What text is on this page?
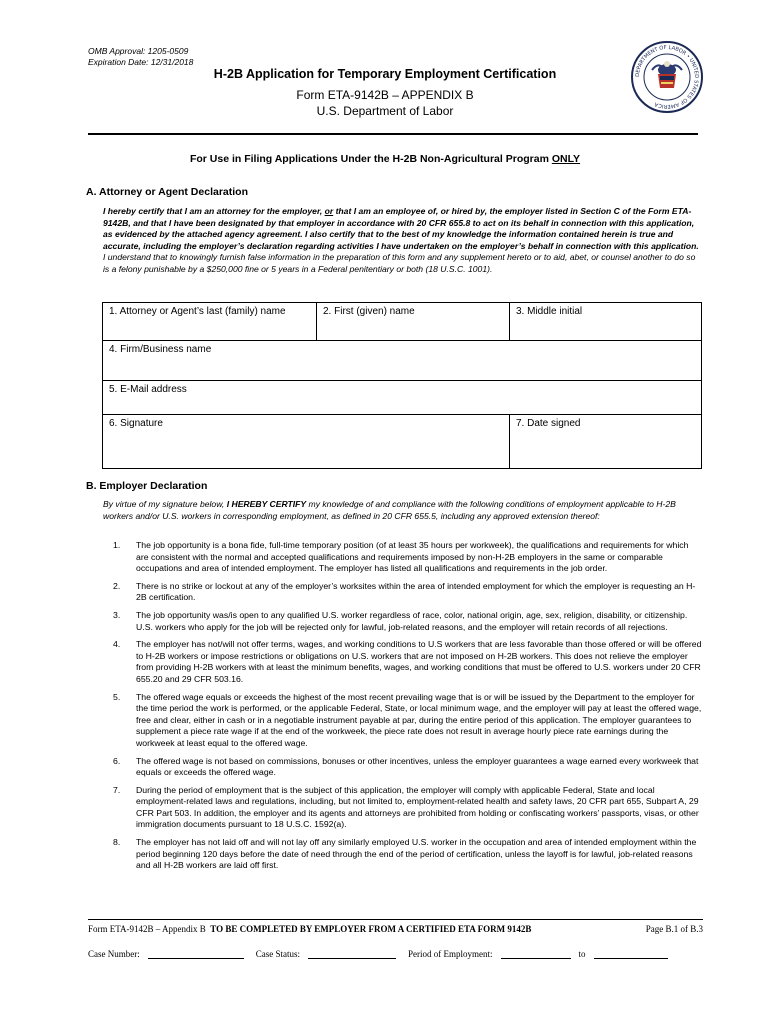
OMB Approval: 1205-0509
Expiration Date: 12/31/2018
H-2B Application for Temporary Employment Certification
Form ETA-9142B – APPENDIX B
U.S. Department of Labor
DEPARTMENT OF LABOR • UNITED STATES OF AMERICA
For Use in Filing Applications Under the H-2B Non-Agricultural Program ONLY
A. Attorney or Agent Declaration
I hereby certify that I am an attorney for the employer, or that I am an employee of, or hired by, the employer listed in Section C of the Form ETA-9142B, and that I have been designated by that employer in accordance with 20 CFR 655.8 to act on its behalf in connection with this application, as evidenced by the attached agency agreement. I also certify that to the best of my knowledge the information contained herein is true and accurate, including the employer’s declaration regarding activities I have undertaken on the employer’s behalf in connection with this application. I understand that to knowingly furnish false information in the preparation of this form and any supplement hereto or to aid, abet, or counsel another to do so is a felony punishable by a $250,000 fine or 5 years in a Federal penitentiary or both (18 U.S.C. 1001).
1. Attorney or Agent’s last (family) name	2. First (given) name	3. Middle initial
4. Firm/Business name		
5. E-Mail address		
6. Signature		7. Date signed
B. Employer Declaration
By virtue of my signature below, I HEREBY CERTIFY my knowledge of and compliance with the following conditions of employment applicable to H-2B workers and/or U.S. workers in corresponding employment, as defined in 20 CFR 655.5, including any approved extension thereof:
1.	The job opportunity is a bona fide, full-time temporary position (of at least 35 hours per workweek), the qualifications and requirements for which are consistent with the normal and accepted qualifications and requirements imposed by non-H-2B employers in the same or comparable occupations and area of intended employment. The employer has listed all qualifications and requirements in the job order.
2.	There is no strike or lockout at any of the employer’s worksites within the area of intended employment for which the employer is requesting an H-2B certification.
3.	The job opportunity was/is open to any qualified U.S. worker regardless of race, color, national origin, age, sex, religion, disability, or citizenship. U.S. workers who apply for the job will be rejected only for lawful, job-related reasons, and the employer will retain records of all rejections.
4.	The employer has not/will not offer terms, wages, and working conditions to U.S workers that are less favorable than those offered or will be offered to H-2B workers or impose restrictions or obligations on U.S. workers that are not imposed on H-2B workers. This does not relieve the employer from providing H-2B workers with at least the minimum benefits, wages, and working conditions that must be offered to U.S. workers under 20 CFR 655.20 and 29 CFR 503.16.
5.	The offered wage equals or exceeds the highest of the most recent prevailing wage that is or will be issued by the Department to the employer for the time period the work is performed, or the applicable Federal, State, or local minimum wage, and the employer will pay at least the offered wage, free and clear, either in cash or in a negotiable instrument payable at par, during the entire period of this application. The employer guarantees to supplement a piece rate wage if at the end of the workweek, the piece rate does not result in average hourly piece rate earnings during the workweek at least equal to the offered wage.
6.	The offered wage is not based on commissions, bonuses or other incentives, unless the employer guarantees a wage earned every workweek that equals or exceeds the offered wage.
7.	During the period of employment that is the subject of this application, the employer will comply with applicable Federal, State and local employment-related laws and regulations, including, but not limited to, employment-related health and safety laws, 20 CFR part 655, Subpart A, 29 CFR Part 503. In addition, the employer and its agents and attorneys are prohibited from holding or confiscating workers’ passports, visas, or other immigration documents pursuant to 18 U.S.C. 1592(a).
8.	The employer has not laid off and will not lay off any similarly employed U.S. worker in the occupation and area of intended employment within the period beginning 120 days before the date of need through the end of the period of certification, unless the layoff is for lawful, job-related reasons and all H-2B workers are laid off first.
Form ETA-9142B – Appendix B TO BE COMPLETED BY EMPLOYER FROM A CERTIFIED ETA FORM 9142B	Page B.1 of B.3
Case Number:	Case Status:	Period of Employment:	to
